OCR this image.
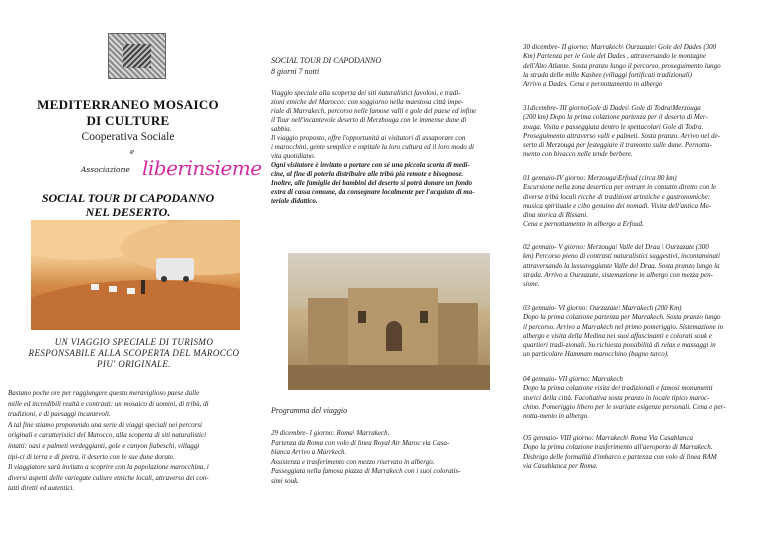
MEDITERRANEO MOSAICO
DI CULTURE
Cooperativa Sociale
e
Associazione liberinsieme
SOCIAL TOUR DI CAPODANNO
NEL DESERTO.
UN VIAGGIO SPECIALE DI TURISMO
RESPONSABILE ALLA SCOPERTA DEL MAROCCO
PIU' ORIGINALE.
Bastano poche ore per raggiungere questo meraviglioso paese dalle
mille ed incredibili realtà e contrasti: un mosaico di uomini, di tribù, di
tradizioni, e di paesaggi incantevoli.
A tal fine stiamo proponendo una serie di viaggi speciali nei percorsi
originali e caratteristici del Marocco, alla scoperta di siti naturalistici
intatti: oasi e palmeti verdeggianti, gole e canyon fiabeschi, villaggi
tipi-ci di terra e di pietra, il deserto con le sue dune dorate.
Il viaggiatore sarà invitato a scoprire con la popolazione marocchina, i
diversi aspetti delle variegate culture etniche locali, attraverso dei con-
tatti diretti ed autentici.
SOCIAL TOUR DI CAPODANNO
8 giorni 7 notti
Viaggio speciale alla scoperta dei siti naturalistici favolosi, e tradi-
zioni etniche del Marocco: con soggiorno nella maestosa città impe-
riale di Marrakech, percorso nelle famose valli e gole del paese ed infine
il Tour nell'incantevole deserto di Merzhouga con le immense dune di
sabbia.
Il viaggio proposto, offre l'opportunità ai visitatori di assaporare con
i marocchini, gente semplice e ospitale la loro cultura ed il loro modo di
vita quotidiano.
Ogni visitatore è invitato a portare con sé una piccola scorta di medi-
cine, al fine di poterla distribuire alle tribù più remote e bisognose.
Inoltre, alle famiglie dei bambini del deserto si potrà donare un fondo
extra di cassa comune, da consegnare localmente per l'acquisto di ma-
teriale didattico.
Programma del viaggio
29 dicembre- I giorno: Roma\ Marrakech.
Partenza da Roma con volo di linea Royal Air Maroc via Casa-
blanca Arrivo a Marrkech.
Assistenza e trasferimento con mezzo riservato in albergo.
Passeggiata nella famosa piazza di Marrakech con i suoi coloratis-
simi souk.
30 dicembre- II giorno: Marrakech\ Ourzazate\ Gole del Dades (300
Km) Partenza per le Gole del Dades , attraversando le montagne
dell'Alto Atlante. Sosta pranzo lungo il percorso, proseguimento lungo
la strada delle mille Kasbee (villaggi fortificati tradizionali)
Arrivo a Dades. Cena e pernottamento in albergo
31dicembre- III giornoGole di Dades\ Gole di Todra\Merzouga
(200 km) Dopo la prima colazione partenza per il deserto di Mer-
zouga. Visita e passeggiata dentro le spettacolari Gole di Todra.
Proseguimento attraverso valli e palmeti. Sosta pranzo. Arrivo nel de-
serto di Merzouga per festeggiare il tramonto sulle dune. Pernotta-
mento con bivacco nelle tende berbere.
01 gennaio-IV giorno: Merzouga\Erfoud (circa 80 km)
Escursione nella zona desertica per entrare in contatto diretto con le
diverse tribù locali ricche di tradizioni artistiche e gastronomiche:
musica spirituale e cibo genuino dei nomadi. Visita dell'antica Me-
dina storica di Rissani.
Cena e pernottamento in albergo a Erfoud.
02 gennaio- V giorno: Merzouga\ Valle del Draa \ Ourzazate (300
km) Percorso pieno di contrasti naturalistici suggestivi, incontaminati
attraversando la lussureggiante Valle del Draa. Sosta pranzo lungo la
strada. Arrivo a Ourzazate, sistemazione in albergo con mezza pen-
sione.
03 gennaio- VI giorno: Ourzazate\ Marrakech (200 Km)
Dopo la prima colazione partenza per Marrakech. Sosta pranzo lungo
il percorso. Arrivo a Marrakech nel primo pomeriggio. Sistemazione in
albergo e visita della Medina nei suoi affascinanti e colorati souk e
quartieri tradi-zionali. Su richiesta possibilità di relax e massaggi in
un particolare Hammam marocchino (bagno turco).
04 gennaio- VII giorno: Marrakech
Dopo la prima colazione visita dei tradizionali e famosi monumenti
storici della città. Facoltativa sosta pranzo in locale tipico maroc-
chino. Pomeriggio libero per le svariate esigenze personali. Cena e per-
notta-mento in albergo.
O5 gennaio- VIII giorno: Marrakech\ Roma Via Casablanca
Dopo la prima colazione trasferimento all'aeroporto di Marrakech.
Disbrigo delle formalità d'imbarco e partenza con volo di linea RAM
via Casablanca per Roma.
